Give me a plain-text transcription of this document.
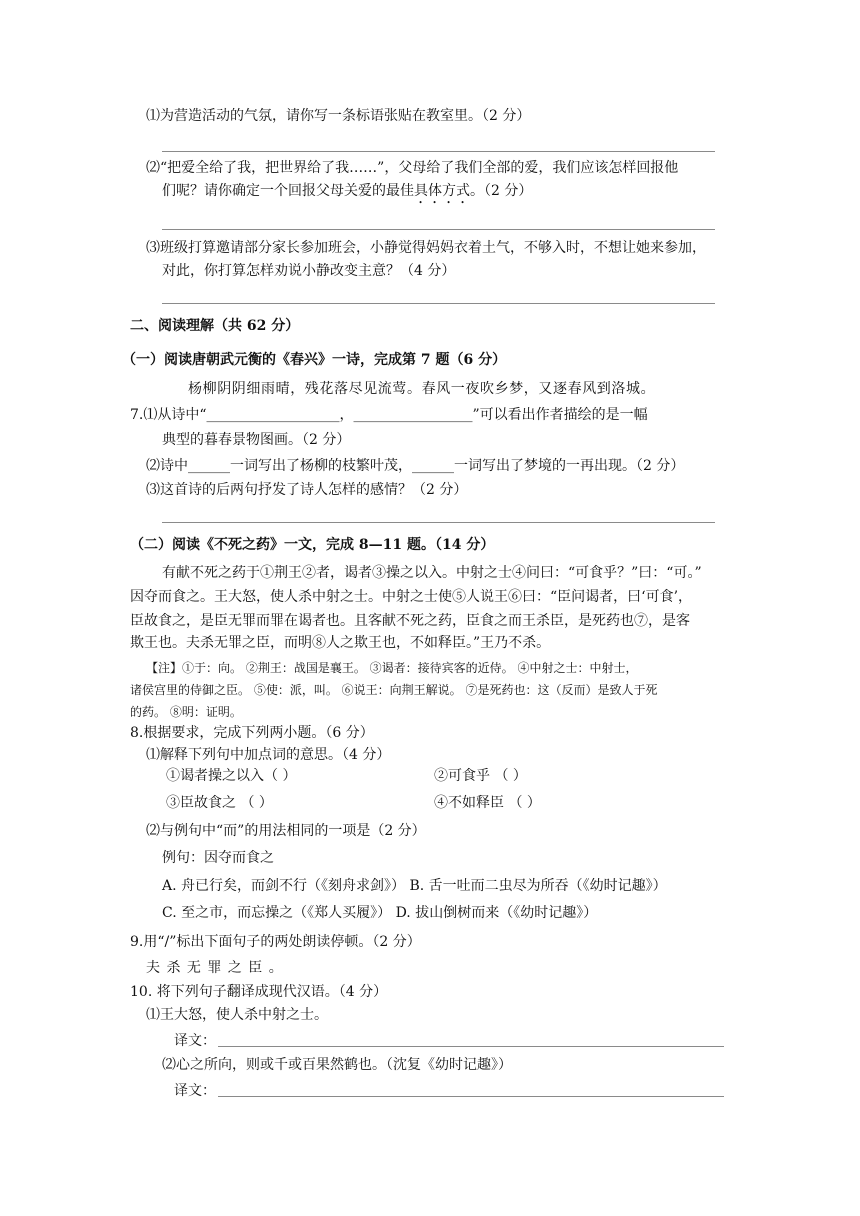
⑴为营造活动的气氛，请你写一条标语张贴在教室里。（2 分）
⑵“把爱全给了我，把世界给了我……”，父母给了我们全部的爱，我们应该怎样回报他
们呢？请你确定一个回报父母关爱的最佳具体方式。（2 分）
⑶班级打算邀请部分家长参加班会，小静觉得妈妈衣着土气，不够入时，不想让她来参加，
对此，你打算怎样劝说小静改变主意？（4 分）
二、阅读理解（共 62 分）
（一）阅读唐朝武元衡的《春兴》一诗，完成第 7 题（6 分）
杨柳阴阴细雨晴，残花落尽见流莺。春风一夜吹乡梦，又逐春风到洛城。
7.⑴从诗中“___________________，_________________”可以看出作者描绘的是一幅
典型的暮春景物图画。（2 分）
⑵诗中______一词写出了杨柳的枝繁叶茂，______一词写出了梦境的一再出现。（2 分）
⑶这首诗的后两句抒发了诗人怎样的感情？（2 分）
（二）阅读《不死之药》一文，完成 8—11 题。（14 分）
有献不死之药于①荆王②者，谒者③操之以入。中射之士④问曰：“可食乎？”曰：“可。”
因夺而食之。王大怒，使人杀中射之士。中射之士使⑤人说王⑥曰：“臣问谒者，曰‘可食’，
臣故食之，是臣无罪而罪在谒者也。且客献不死之药，臣食之而王杀臣，是死药也⑦，是客
欺王也。夫杀无罪之臣，而明⑧人之欺王也，不如释臣。”王乃不杀。
【注】①于：向。 ②荆王：战国是襄王。 ③谒者：接待宾客的近侍。 ④中射之士：中射士，
诸侯宫里的侍御之臣。 ⑤使：派，叫。 ⑥说王：向荆王解说。 ⑦是死药也：这（反而）是致人于死
的药。 ⑧明：证明。
8.根据要求，完成下列两小题。（6 分）
⑴解释下列句中加点词的意思。（4 分）
①谒者操之以入（ ）	②可食乎 （ ）
③臣故食之 （ ）	④不如释臣 （ ）
⑵与例句中“而”的用法相同的一项是（2 分）
例句：因夺而食之
A. 舟已行矣，而剑不行（《刻舟求剑》） B. 舌一吐而二虫尽为所吞（《幼时记趣》）
C. 至之市，而忘操之（《郑人买履》） D. 拔山倒树而来（《幼时记趣》）
9.用“/”标出下面句子的两处朗读停顿。（2 分）
夫 杀 无 罪 之 臣 。
10. 将下列句子翻译成现代汉语。（4 分）
⑴王大怒，使人杀中射之士。
译文：
⑵心之所向，则或千或百果然鹤也。（沈复《幼时记趣》）
译文：
